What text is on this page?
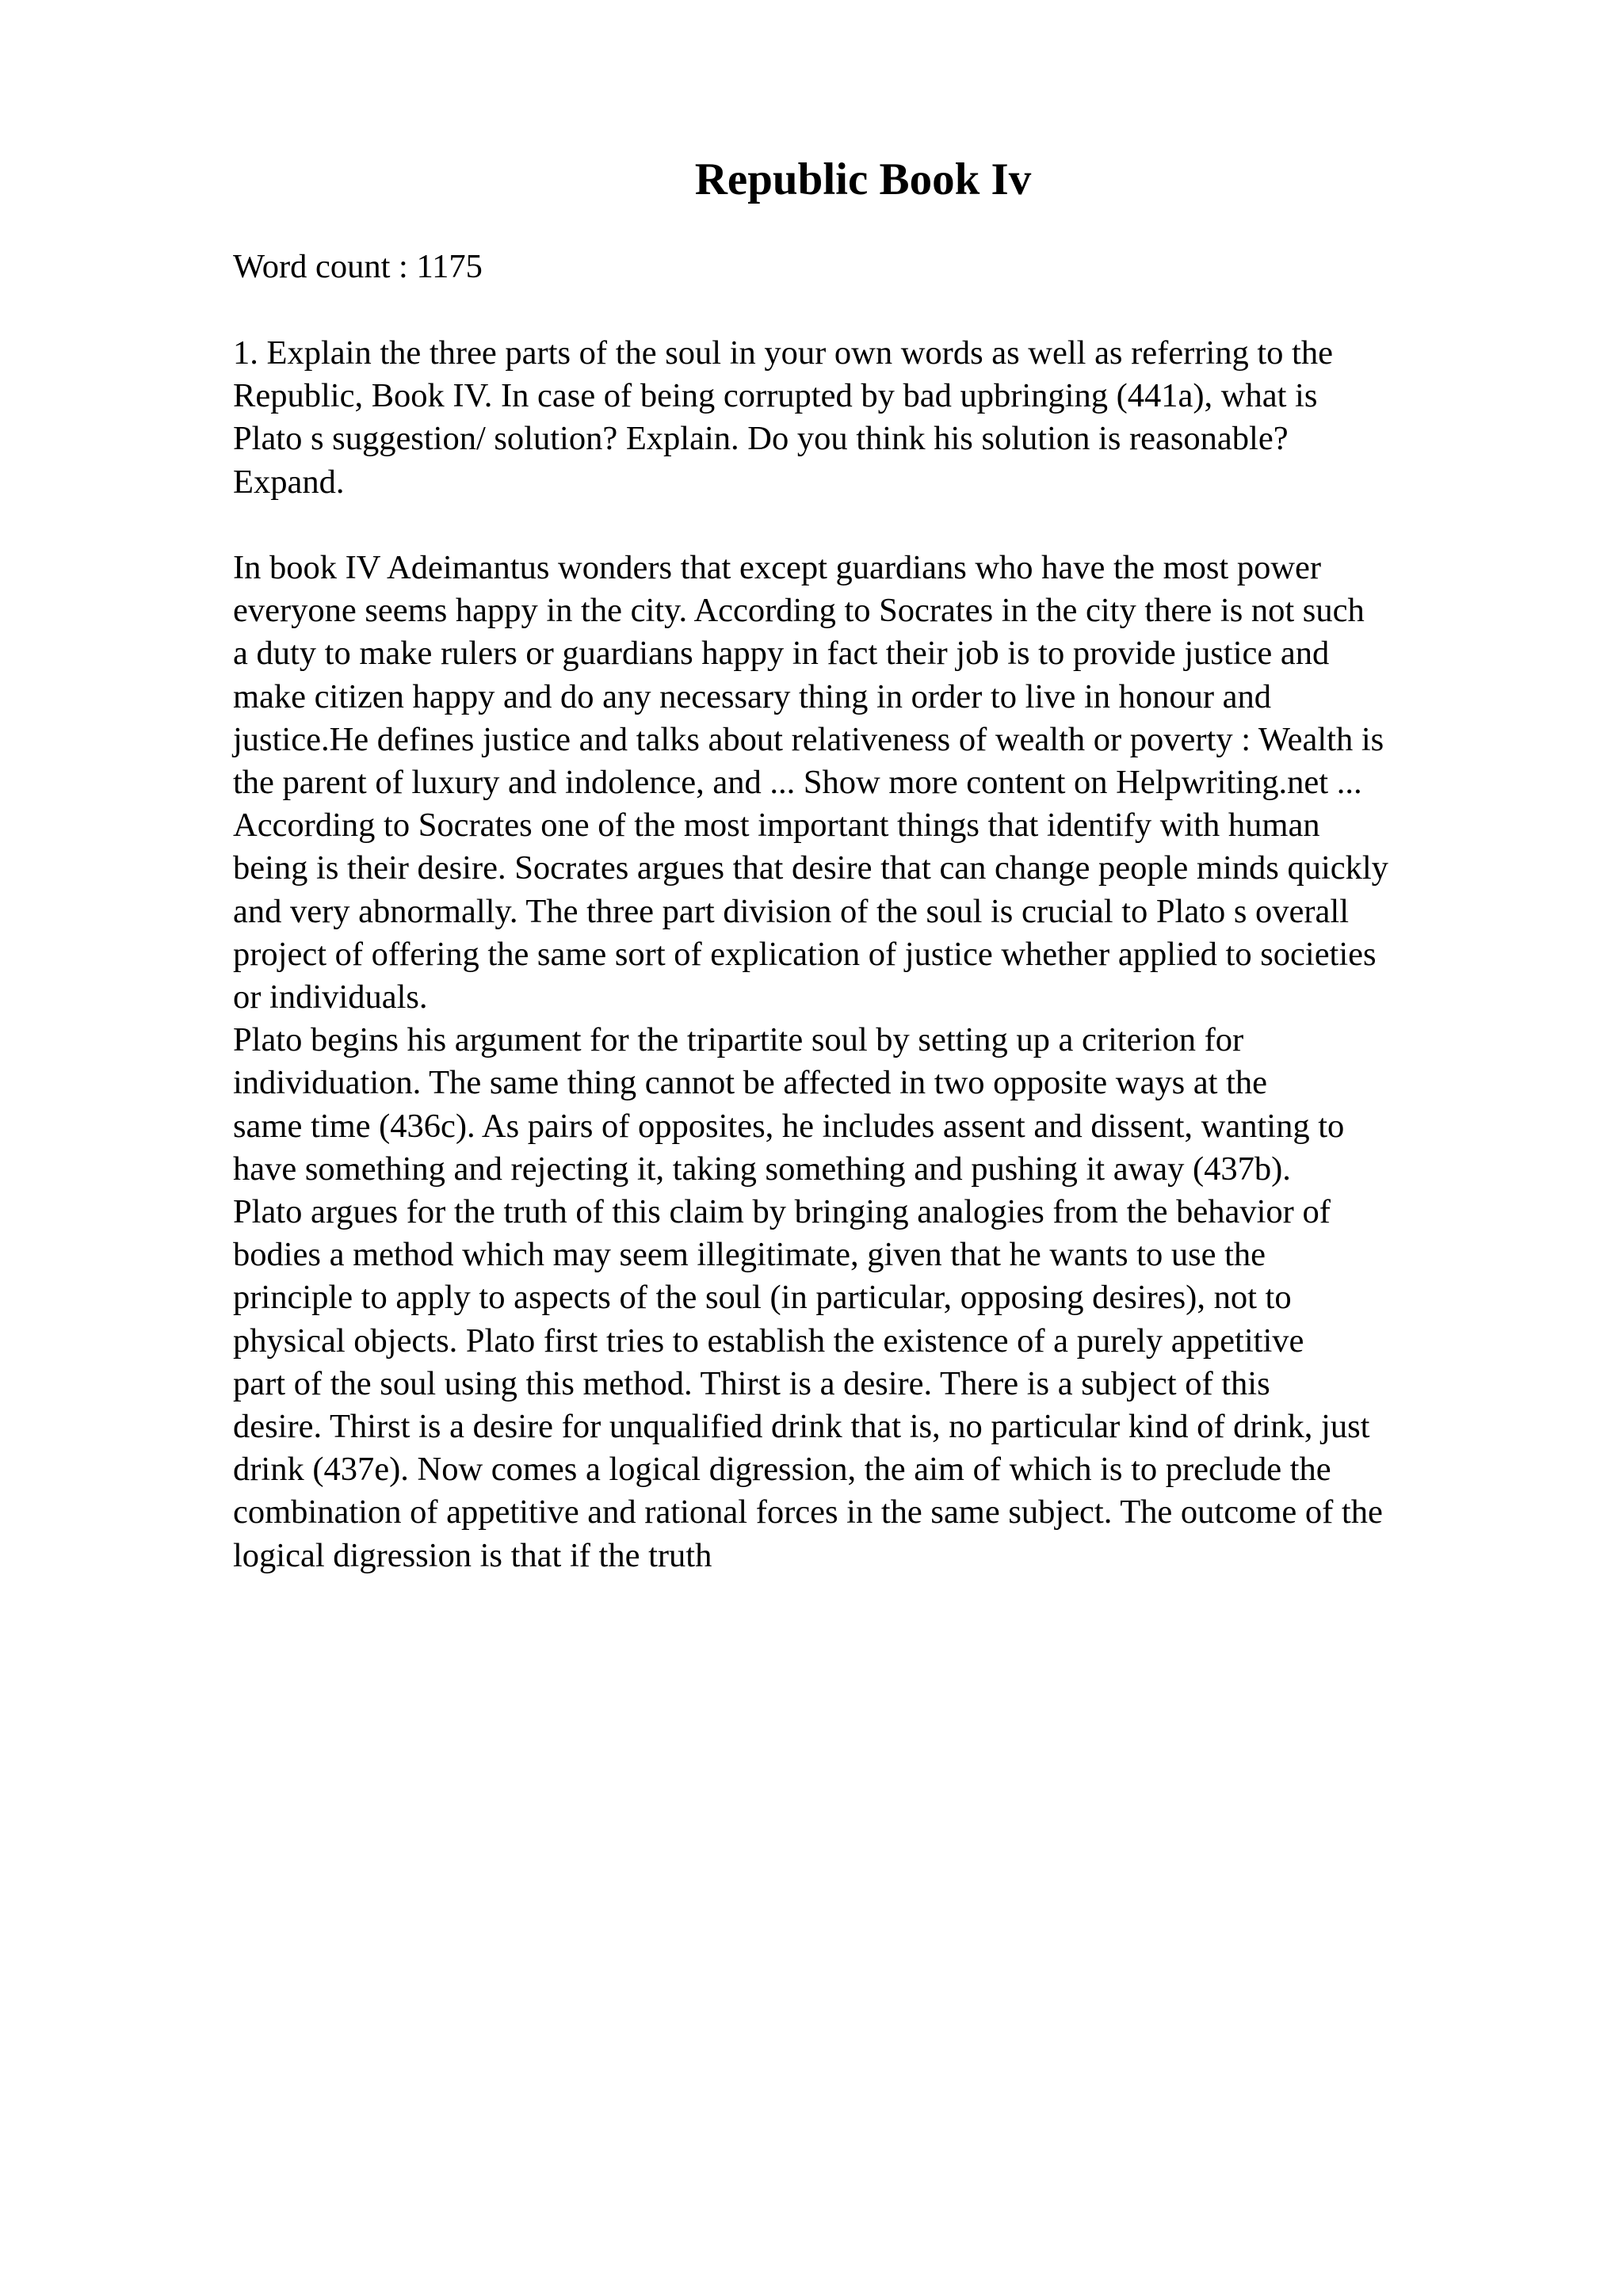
Republic Book Iv

Word count : 1175

1. Explain the three parts of the soul in your own words as well as referring to the
Republic, Book IV. In case of being corrupted by bad upbringing (441a), what is
Plato s suggestion/ solution? Explain. Do you think his solution is reasonable?
Expand.

In book IV Adeimantus wonders that except guardians who have the most power
everyone seems happy in the city. According to Socrates in the city there is not such
a duty to make rulers or guardians happy in fact their job is to provide justice and
make citizen happy and do any necessary thing in order to live in honour and
justice.He defines justice and talks about relativeness of wealth or poverty : Wealth is
the parent of luxury and indolence, and ... Show more content on Helpwriting.net ...
According to Socrates one of the most important things that identify with human
being is their desire. Socrates argues that desire that can change people minds quickly
and very abnormally. The three part division of the soul is crucial to Plato s overall
project of offering the same sort of explication of justice whether applied to societies
or individuals.
Plato begins his argument for the tripartite soul by setting up a criterion for
individuation. The same thing cannot be affected in two opposite ways at the
same time (436c). As pairs of opposites, he includes assent and dissent, wanting to
have something and rejecting it, taking something and pushing it away (437b).
Plato argues for the truth of this claim by bringing analogies from the behavior of
bodies a method which may seem illegitimate, given that he wants to use the
principle to apply to aspects of the soul (in particular, opposing desires), not to
physical objects. Plato first tries to establish the existence of a purely appetitive
part of the soul using this method. Thirst is a desire. There is a subject of this
desire. Thirst is a desire for unqualified drink that is, no particular kind of drink, just
drink (437e). Now comes a logical digression, the aim of which is to preclude the
combination of appetitive and rational forces in the same subject. The outcome of the
logical digression is that if the truth
